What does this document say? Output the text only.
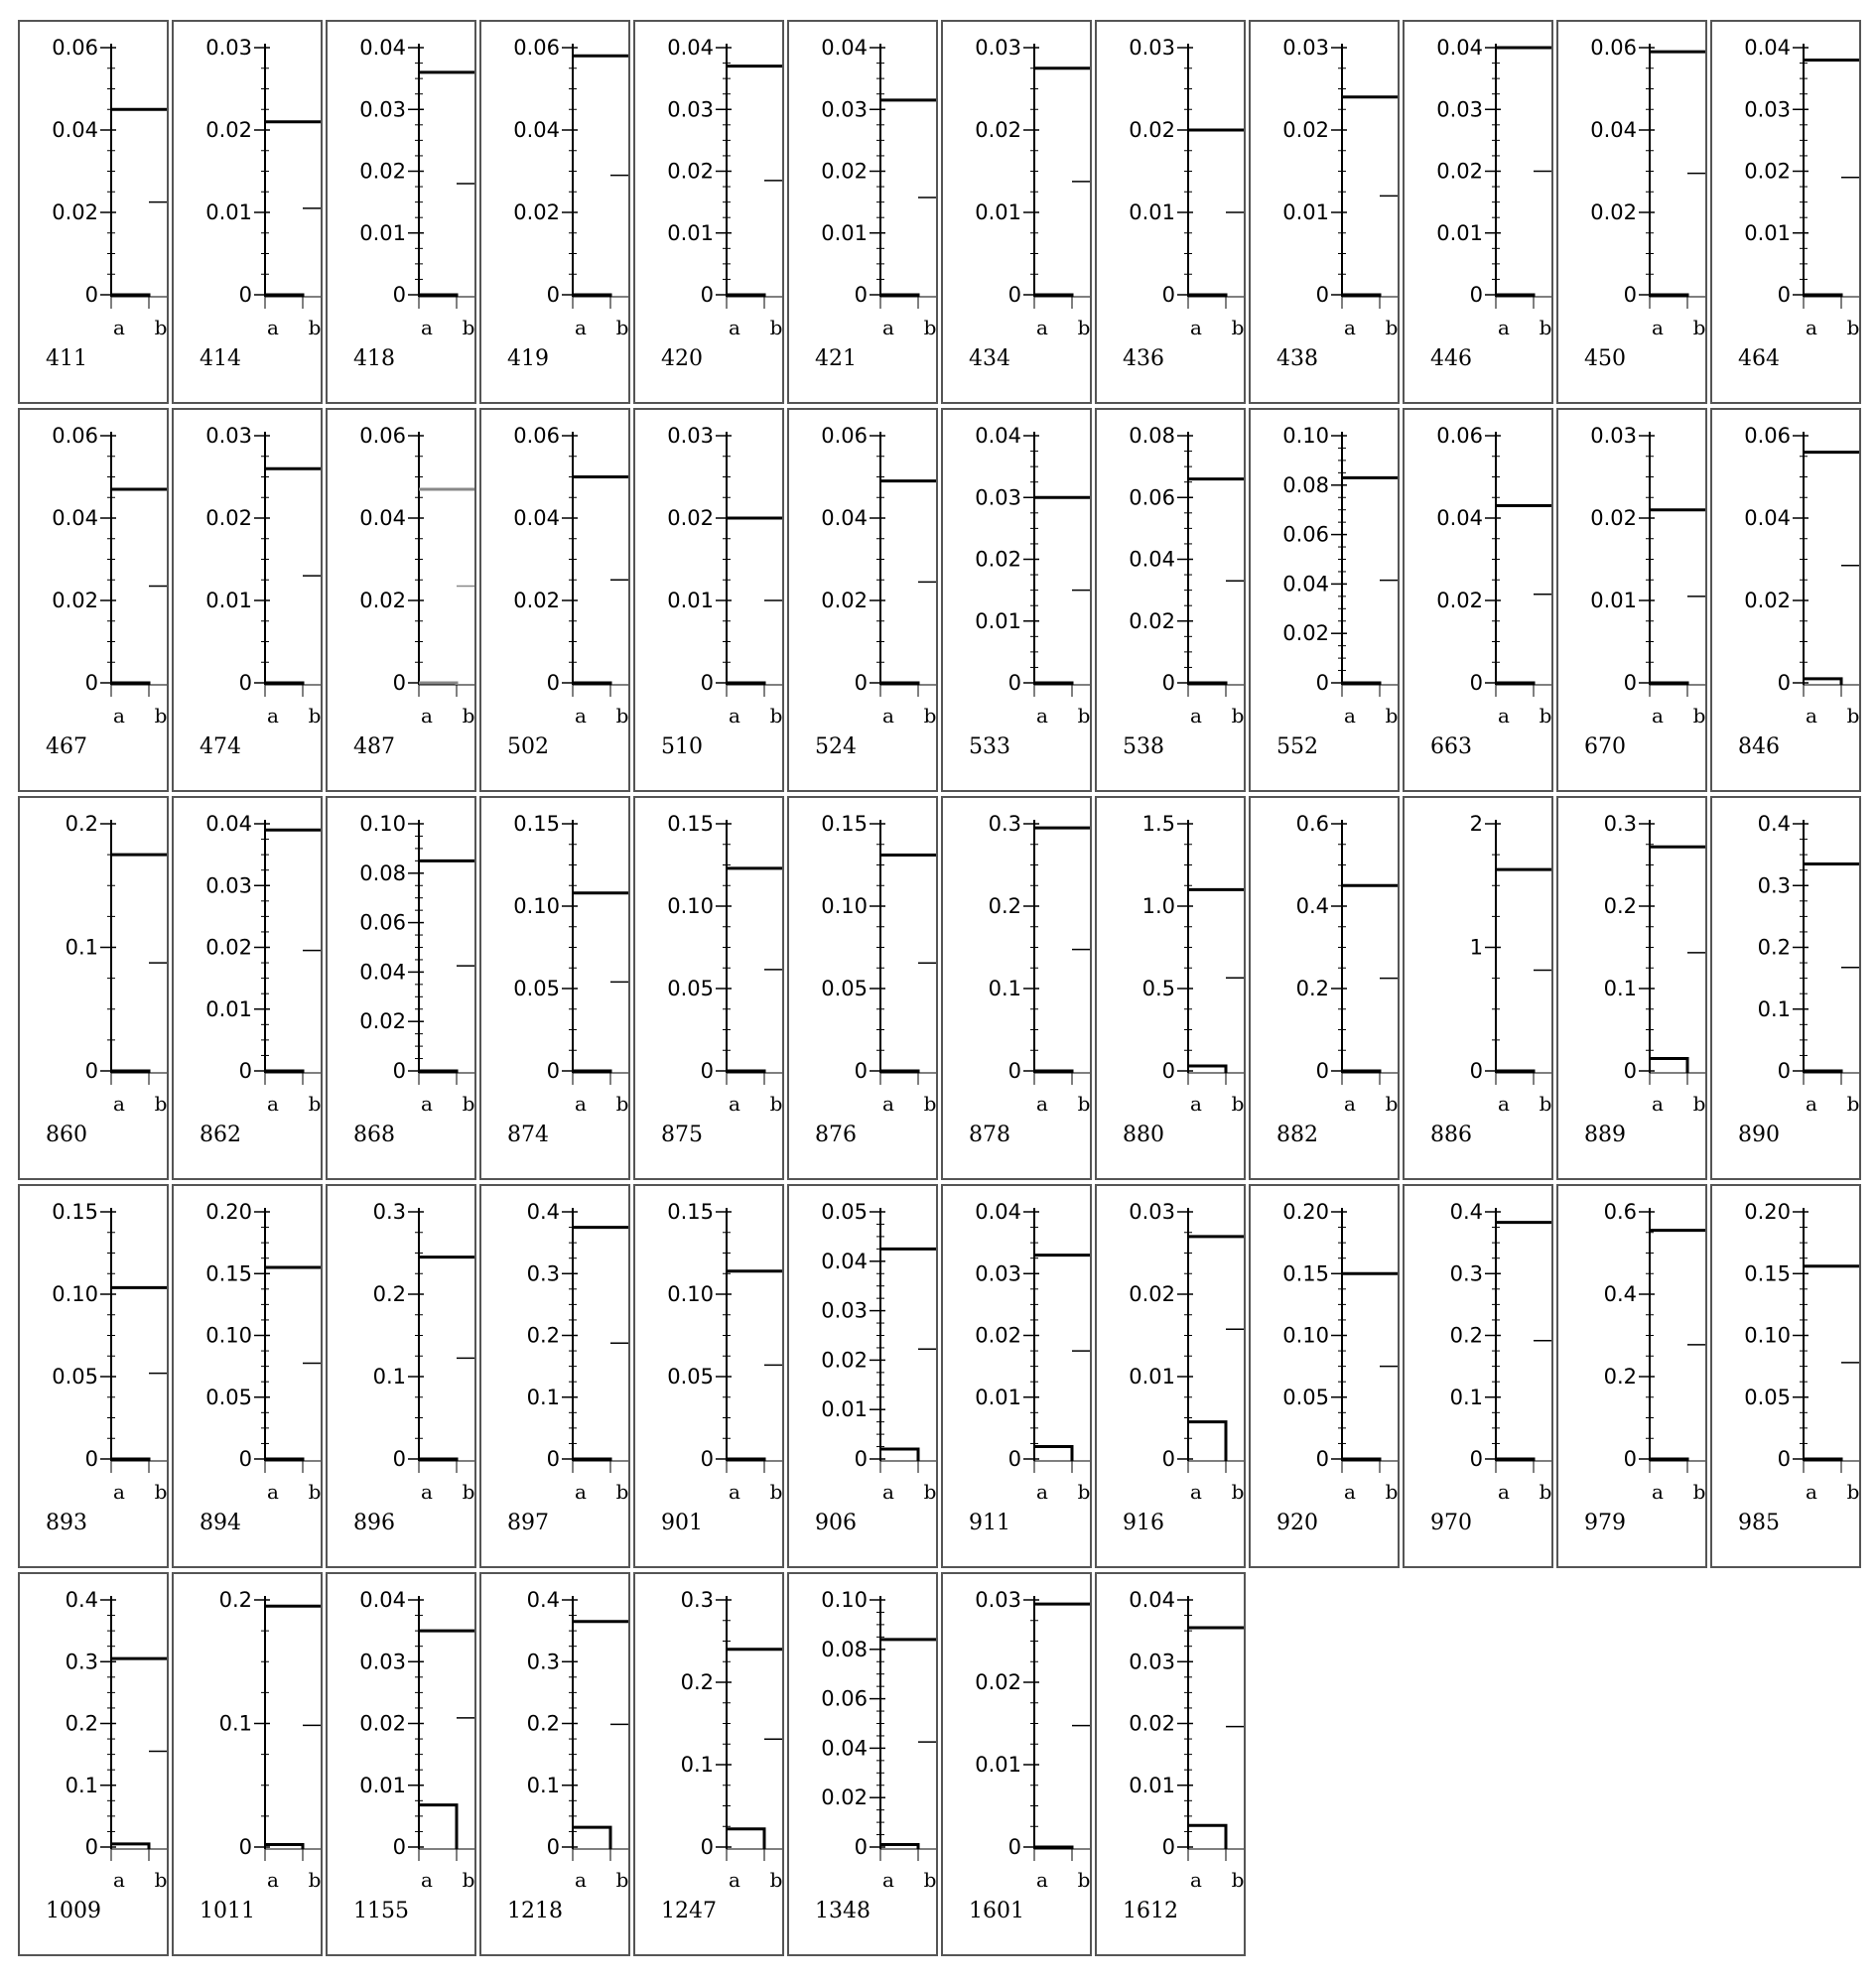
0
0.02
0.04
0.06
a b
411
0
0.01
0.02
0.03
a b
414
0
0.01
0.02
0.03
0.04
a b
418
0
0.02
0.04
0.06
a b
419
0
0.01
0.02
0.03
0.04
a b
420
0
0.01
0.02
0.03
0.04
a b
421
0
0.01
0.02
0.03
a b
434
0
0.01
0.02
0.03
a b
436
0
0.01
0.02
0.03
a b
438
0
0.01
0.02
0.03
0.04
a b
446
0
0.02
0.04
0.06
a b
450
0
0.01
0.02
0.03
0.04
a b
464
0
0.02
0.04
0.06
a b
467
0
0.01
0.02
0.03
a b
474
0
0.02
0.04
0.06
a b
487
0
0.02
0.04
0.06
a b
502
0
0.01
0.02
0.03
a b
510
0
0.02
0.04
0.06
a b
524
0
0.01
0.02
0.03
0.04
a b
533
0
0.02
0.04
0.06
0.08
a b
538
0
0.02
0.04
0.06
0.08
0.10
a b
552
0
0.02
0.04
0.06
a b
663
0
0.01
0.02
0.03
a b
670
0
0.02
0.04
0.06
a b
846
0
0.1
0.2
a b
860
0
0.01
0.02
0.03
0.04
a b
862
0
0.02
0.04
0.06
0.08
0.10
a b
868
0
0.05
0.10
0.15
a b
874
0
0.05
0.10
0.15
a b
875
0
0.05
0.10
0.15
a b
876
0
0.1
0.2
0.3
a b
878
0
0.5
1.0
1.5
a b
880
0
0.2
0.4
0.6
a b
882
0
1
2
a b
886
0
0.1
0.2
0.3
a b
889
0
0.1
0.2
0.3
0.4
a b
890
0
0.05
0.10
0.15
a b
893
0
0.05
0.10
0.15
0.20
a b
894
0
0.1
0.2
0.3
a b
896
0
0.1
0.2
0.3
0.4
a b
897
0
0.05
0.10
0.15
a b
901
0
0.01
0.02
0.03
0.04
0.05
a b
906
0
0.01
0.02
0.03
0.04
a b
911
0
0.01
0.02
0.03
a b
916
0
0.05
0.10
0.15
0.20
a b
920
0
0.1
0.2
0.3
0.4
a b
970
0
0.2
0.4
0.6
a b
979
0
0.05
0.10
0.15
0.20
a b
985
0
0.1
0.2
0.3
0.4
a b
1009
0
0.1
0.2
a b
1011
0
0.01
0.02
0.03
0.04
a b
1155
0
0.1
0.2
0.3
0.4
a b
1218
0
0.1
0.2
0.3
a b
1247
0
0.02
0.04
0.06
0.08
0.10
a b
1348
0
0.01
0.02
0.03
a b
1601
0
0.01
0.02
0.03
0.04
a b
1612
